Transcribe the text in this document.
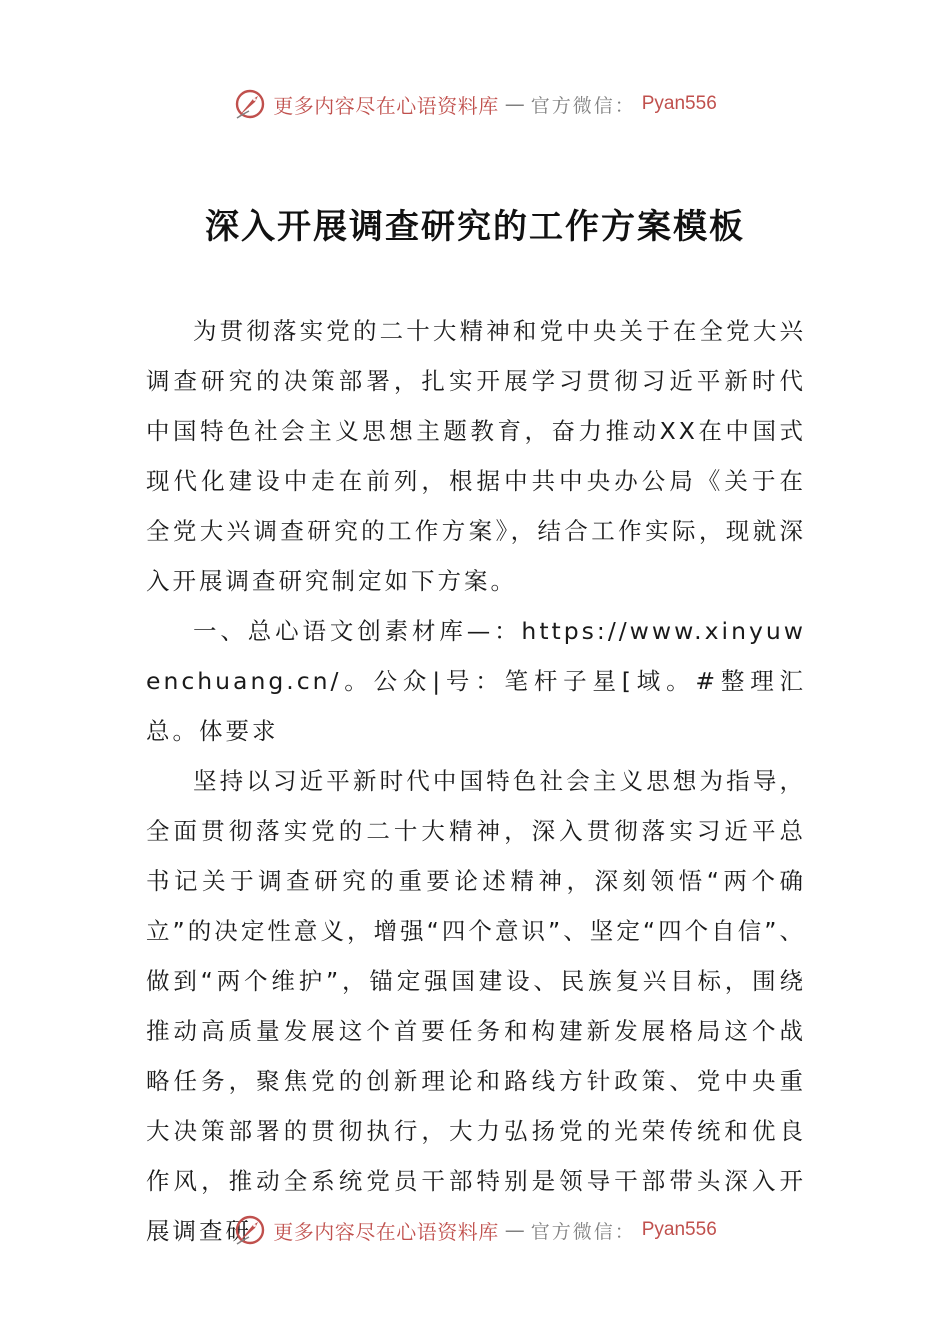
更多内容尽在心语资料库 — 官方微信： Pyan556
深入开展调查研究的工作方案模板

为贯彻落实党的二十大精神和党中央关于在全党大兴调查研究的决策部署，扎实开展学习贯彻习近平新时代中国特色社会主义思想主题教育，奋力推动XX在中国式现代化建设中走在前列，根据中共中央办公局《关于在全党大兴调查研究的工作方案》，结合工作实际，现就深入开展调查研究制定如下方案。

一、总心语文创素材库—：https://www.xinyuwenchuang.cn/。公众|号：笔杆子星[域。#整理汇总。体要求

坚持以习近平新时代中国特色社会主义思想为指导，全面贯彻落实党的二十大精神，深入贯彻落实习近平总书记关于调查研究的重要论述精神，深刻领悟“两个确立”的决定性意义，增强“四个意识”、坚定“四个自信”、做到“两个维护”，锚定强国建设、民族复兴目标，围绕推动高质量发展这个首要任务和构建新发展格局这个战略任务，聚焦党的创新理论和路线方针政策、党中央重大决策部署的贯彻执行，大力弘扬党的光荣传统和优良作风，推动全系统党员干部特别是领导干部带头深入开展调查研	更多内容尽在心语资料库 — 官方微信： Pyan556
